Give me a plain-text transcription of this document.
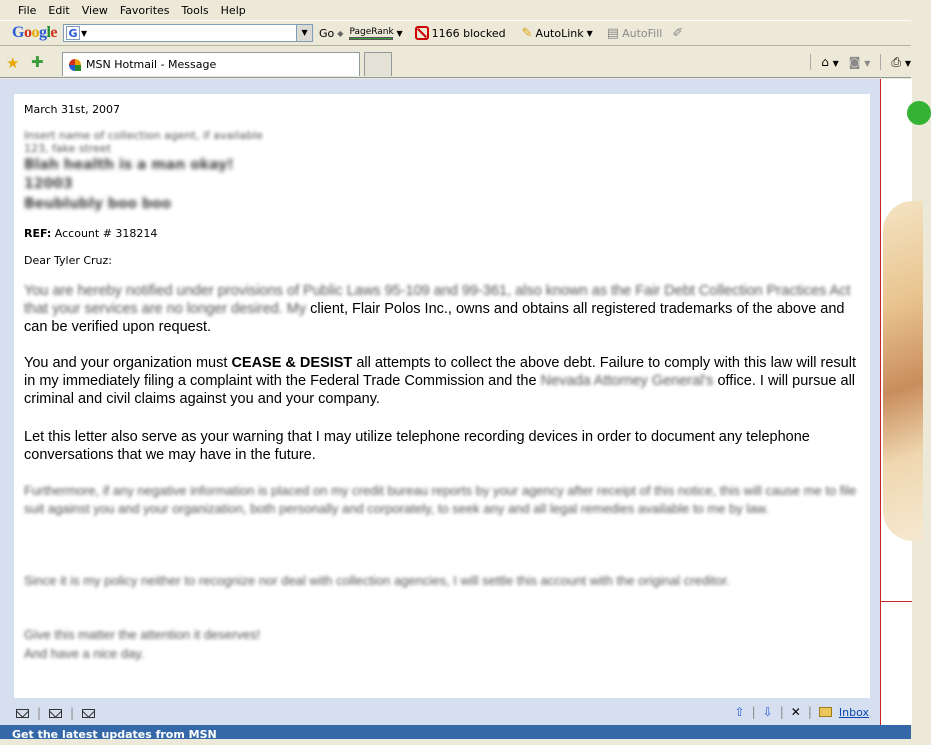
File	Edit	View	Favorites	Tools	Help
Google G ▼	▼	Go ◆ PageRank ▼	1166 blocked ✎ AutoLink ▼ ▤ AutoFill ✐
★ ✚	MSN Hotmail - Message	⌂ ▼ ◙ ▼ ⎙ ▼
March 31st, 2007
Insert name of collection agent, if available
123, fake street
Blah health is a man okay!
12003
Beublubly boo boo
REF: Account # 318214
Dear Tyler Cruz:
You are hereby notified under provisions of Public Laws 95-109 and 99-361, also known as the Fair Debt Collection Practices Act that your services are no longer desired. My client, Flair Polos Inc., owns and obtains all registered trademarks of the above and can be verified upon request.
You and your organization must CEASE & DESIST all attempts to collect the above debt. Failure to comply with this law will result in my immediately filing a complaint with the Federal Trade Commission and the Nevada Attorney General's office. I will pursue all criminal and civil claims against you and your company.
Let this letter also serve as your warning that I may utilize telephone recording devices in order to document any telephone conversations that we may have in the future.
Furthermore, if any negative information is placed on my credit bureau reports by your agency after receipt of this notice, this will cause me to file suit against you and your organization, both personally and corporately, to seek any and all legal remedies available to me by law.
Since it is my policy neither to recognize nor deal with collection agencies, I will settle this account with the original creditor.
Give this matter the attention it deserves!
And have a nice day.
| |	⇧ | ⇩ | ✕ | Inbox
Get the latest updates from MSN
